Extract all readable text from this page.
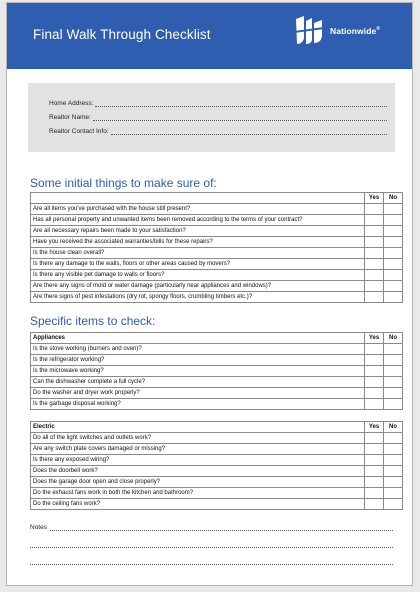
Final Walk Through Checklist	Nationwide®
Home Address:
Realtor Name:
Realtor Contact Info:
Some initial things to make sure of:
	Yes	No
Are all items you've purchased with the house still present?		
Has all personal property and unwanted items been removed according to the terms of your contract?		
Are all necessary repairs been made to your satisfaction?		
Have you received the associated warranties/bills for these repairs?		
Is the house clean overall?		
Is there any damage to the walls, floors or other areas caused by movers?		
Is there any visible pet damage to walls or floors?		
Are there any signs of mold or water damage (particularly near appliances and windows)?		
Are there signs of pest infestations (dry rot, spongy floors, crumbling timbers etc.)?		
Specific items to check:
Appliances	Yes	No
Is the stove working (burners and oven)?		
Is the refrigerator working?		
Is the microwave working?		
Can the dishwasher complete a full cycle?		
Do the washer and dryer work properly?		
Is the garbage disposal working?		
Electric	Yes	No
Do all of the light switches and outlets work?		
Are any switch plate covers damaged or missing?		
Is there any exposed wiring?		
Does the doorbell work?		
Does the garage door open and close properly?		
Do the exhaust fans work in both the kitchen and bathroom?		
Do the ceiling fans work?		
Notes
